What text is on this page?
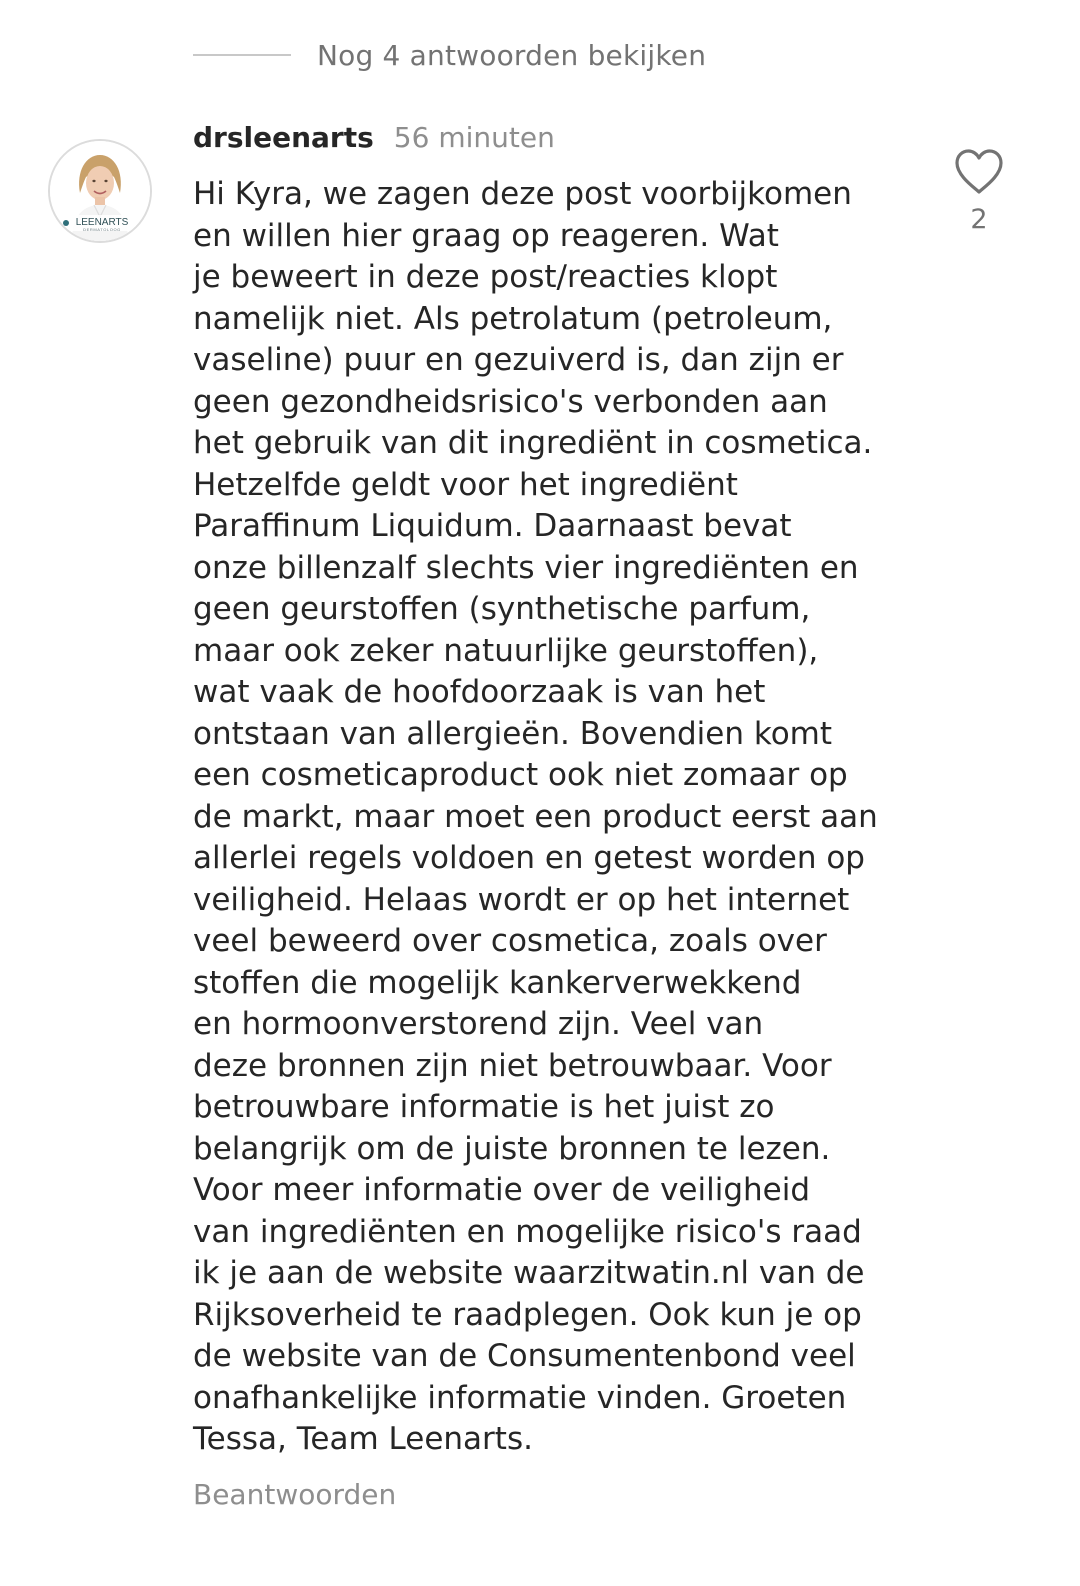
Nog 4 antwoorden bekijken
LEENARTS
DERMATOLOOG
drsleenarts 56 minuten
Hi Kyra, we zagen deze post voorbijkomen
en willen hier graag op reageren. Wat
je beweert in deze post/reacties klopt
namelijk niet. Als petrolatum (petroleum,
vaseline) puur en gezuiverd is, dan zijn er
geen gezondheidsrisico's verbonden aan
het gebruik van dit ingrediënt in cosmetica.
Hetzelfde geldt voor het ingrediënt
Paraffinum Liquidum. Daarnaast bevat
onze billenzalf slechts vier ingrediënten en
geen geurstoffen (synthetische parfum,
maar ook zeker natuurlijke geurstoffen),
wat vaak de hoofdoorzaak is van het
ontstaan van allergieën. Bovendien komt
een cosmeticaproduct ook niet zomaar op
de markt, maar moet een product eerst aan
allerlei regels voldoen en getest worden op
veiligheid. Helaas wordt er op het internet
veel beweerd over cosmetica, zoals over
stoffen die mogelijk kankerverwekkend
en hormoonverstorend zijn. Veel van
deze bronnen zijn niet betrouwbaar. Voor
betrouwbare informatie is het juist zo
belangrijk om de juiste bronnen te lezen.
Voor meer informatie over de veiligheid
van ingrediënten en mogelijke risico's raad
ik je aan de website waarzitwatin.nl van de
Rijksoverheid te raadplegen. Ook kun je op
de website van de Consumentenbond veel
onafhankelijke informatie vinden. Groeten
Tessa, Team Leenarts.
2
Beantwoorden
